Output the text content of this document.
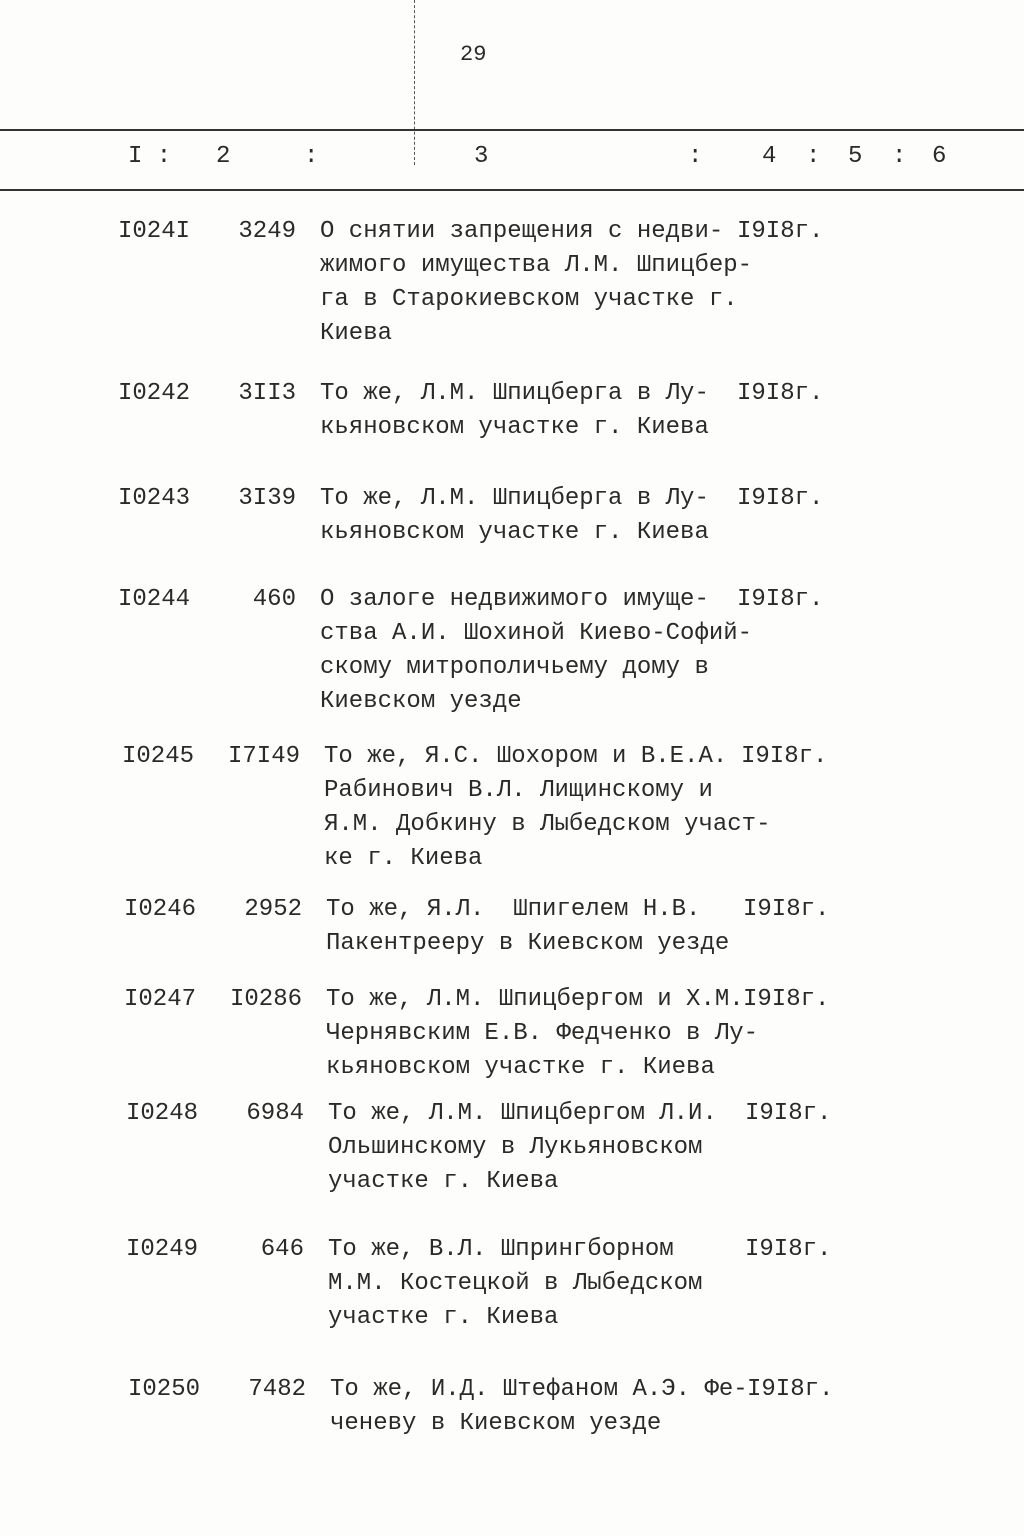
29
I : 2	:	3	: 4 : 5 : 6
I024I 3249 О снятии запрещения с недви-
жимого имущества Л.М. Шпицбер-
га в Старокиевском участке г.
Киева
I9I8г.
I0242 3II3 То же, Л.М. Шпицберга в Лу-
кьяновском участке г. Киева
I9I8г.
I0243 3I39 То же, Л.М. Шпицберга в Лу-
кьяновском участке г. Киева
I9I8г.
I0244	460 О залоге недвижимого имуще-
ства А.И. Шохиной Киево-Софий-
скому митрополичьему дому в
Киевском уезде
I9I8г.
I0245 I7I49 То же, Я.С. Шохором и В.Е.А.
Рабинович В.Л. Лищинскому и
Я.М. Добкину в Лыбедском участ-
ке г. Киева
I9I8г.
I0246 2952 То же, Я.Л.  Шпигелем Н.В.
Пакентрееру в Киевском уезде
I9I8г.
I0247 I0286 То же, Л.М. Шпицбергом и Х.М.
Чернявским Е.В. Федченко в Лу-
кьяновском участке г. Киева
I9I8г.
I0248 6984 То же, Л.М. Шпицбергом Л.И.
Ольшинскому в Лукьяновском
участке г. Киева
I9I8г.
I0249	646 То же, В.Л. Шпрингборном
М.М. Костецкой в Лыбедском
участке г. Киева
I9I8г.
I0250 7482 То же, И.Д. Штефаном А.Э. Фе-
ченеву в Киевском уезде
I9I8г.
